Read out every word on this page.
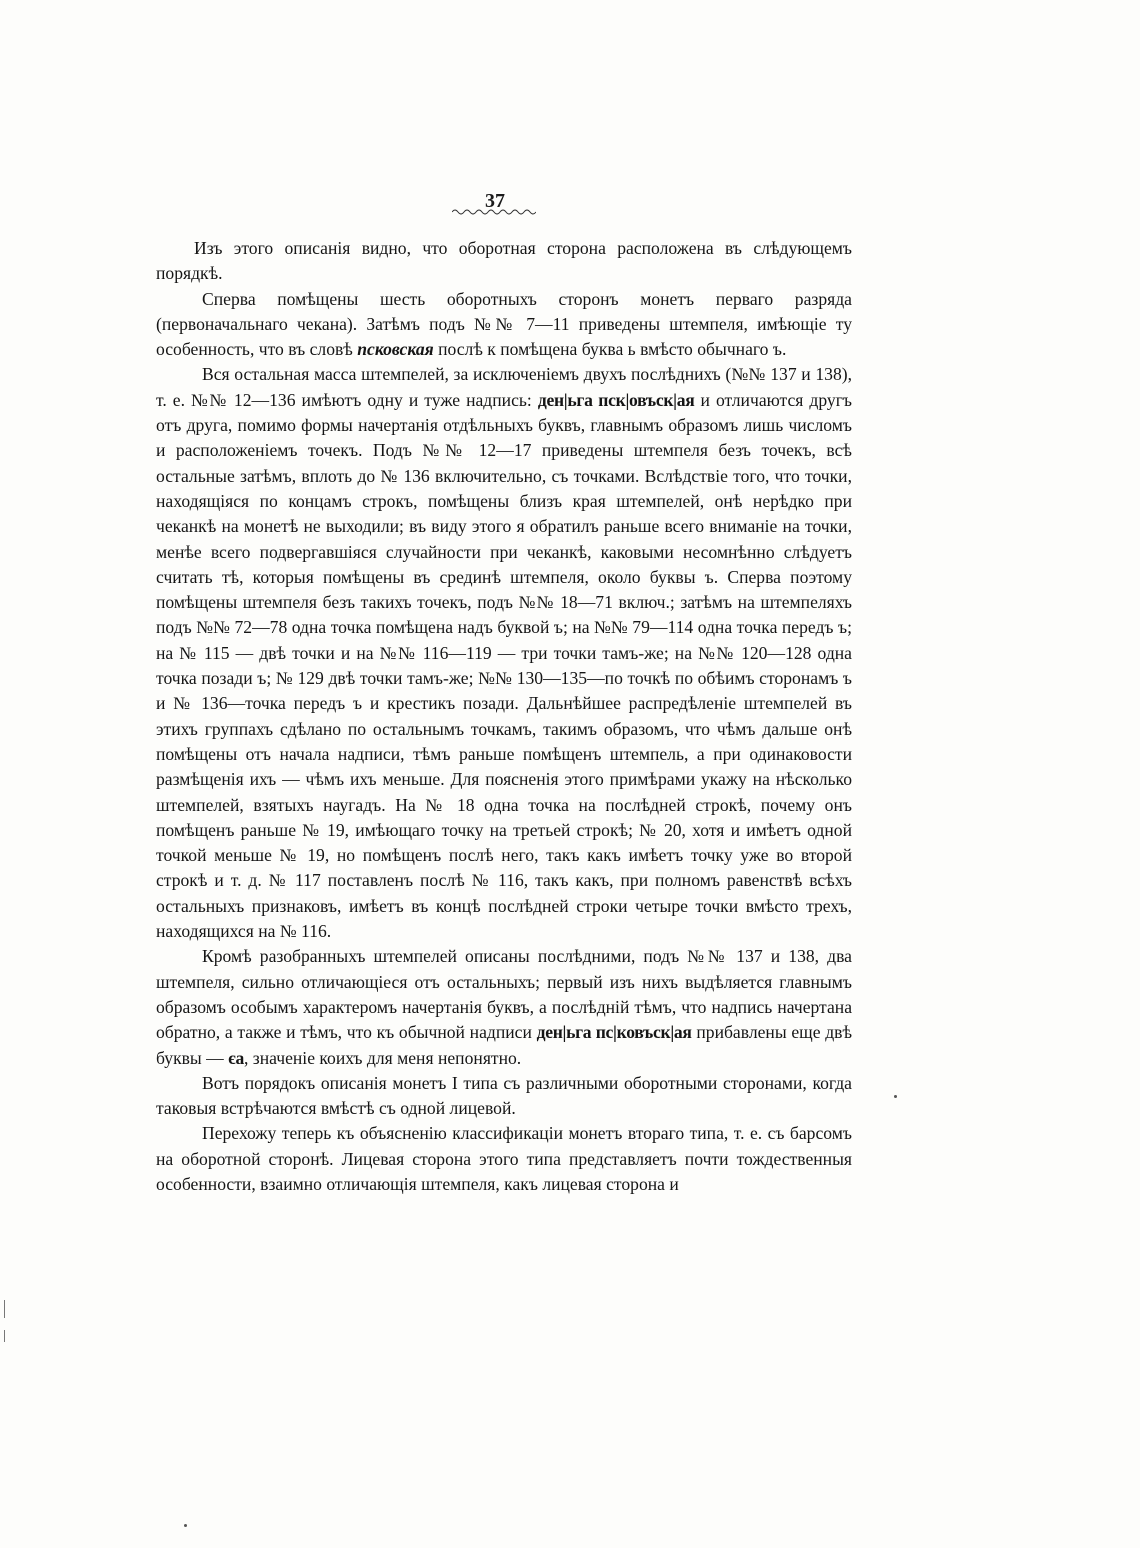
37

Изъ этого описанія видно, что оборотная сторона расположена въ слѣдующемъ порядкѣ.

Сперва помѣщены шесть оборотныхъ сторонъ монетъ перваго разряда (первоначальнаго чекана). Затѣмъ подъ №№ 7—11 приведены штемпеля, имѣющіе ту особенность, что въ словѣ псковская послѣ к помѣщена буква ь вмѣсто обычнаго ъ.

Вся остальная масса штемпелей, за исключеніемъ двухъ послѣднихъ (№№ 137 и 138), т. е. №№ 12—136 имѣютъ одну и туже надпись: ден|ьга пск|овъск|ая и отличаются другъ отъ друга, помимо формы начертанія отдѣльныхъ буквъ, главнымъ образомъ лишь числомъ и расположеніемъ точекъ. Подъ №№ 12—17 приведены штемпеля безъ точекъ, всѣ остальные затѣмъ, вплоть до № 136 включительно, съ точками. Вслѣдствіе того, что точки, находящіяся по концамъ строкъ, помѣщены близъ края штемпелей, онѣ нерѣдко при чеканкѣ на монетѣ не выходили; въ виду этого я обратилъ раньше всего вниманіе на точки, менѣе всего подвергавшіяся случайности при чеканкѣ, каковыми несомнѣнно слѣдуетъ считать тѣ, которыя помѣщены въ срединѣ штемпеля, около буквы ъ. Сперва поэтому помѣщены штемпеля безъ такихъ точекъ, подъ №№ 18—71 включ.; затѣмъ на штемпеляхъ подъ №№ 72—78 одна точка помѣщена надъ буквой ъ; на №№ 79—114 одна точка передъ ъ; на № 115 — двѣ точки и на №№ 116—119 — три точки тамъ-же; на №№ 120—128 одна точка позади ъ; № 129 двѣ точки тамъ-же; №№ 130—135—по точкѣ по обѣимъ сторонамъ ъ и № 136—точка передъ ъ и крестикъ позади. Дальнѣйшее распредѣленіе штемпелей въ этихъ группахъ сдѣлано по остальнымъ точкамъ, такимъ образомъ, что чѣмъ дальше онѣ помѣщены отъ начала надписи, тѣмъ раньше помѣщенъ штемпель, а при одинаковости размѣщенія ихъ — чѣмъ ихъ меньше. Для поясненія этого примѣрами укажу на нѣсколько штемпелей, взятыхъ наугадъ. На № 18 одна точка на послѣдней строкѣ, почему онъ помѣщенъ раньше № 19, имѣющаго точку на третьей строкѣ; № 20, хотя и имѣетъ одной точкой меньше № 19, но помѣщенъ послѣ него, такъ какъ имѣетъ точку уже во второй строкѣ и т. д. № 117 поставленъ послѣ № 116, такъ какъ, при полномъ равенствѣ всѣхъ остальныхъ признаковъ, имѣетъ въ концѣ послѣдней строки четыре точки вмѣсто трехъ, находящихся на № 116.

Кромѣ разобранныхъ штемпелей описаны послѣдними, подъ №№ 137 и 138, два штемпеля, сильно отличающіеся отъ остальныхъ; первый изъ нихъ выдѣляется главнымъ образомъ особымъ характеромъ начертанія буквъ, а послѣдній тѣмъ, что надпись начертана обратно, а также и тѣмъ, что къ обычной надписи ден|ьга пс|ковъск|ая прибавлены еще двѣ буквы — єа, значеніе коихъ для меня непонятно.

Вотъ порядокъ описанія монетъ I типа съ различными оборотными сторонами, когда таковыя встрѣчаются вмѣстѣ съ одной лицевой.

Перехожу теперь къ объясненію классификаціи монетъ втораго типа, т. е. съ барсомъ на оборотной сторонѣ. Лицевая сторона этого типа представляетъ почти тождественныя особенности, взаимно отличающія штемпеля, какъ лицевая сторона и
